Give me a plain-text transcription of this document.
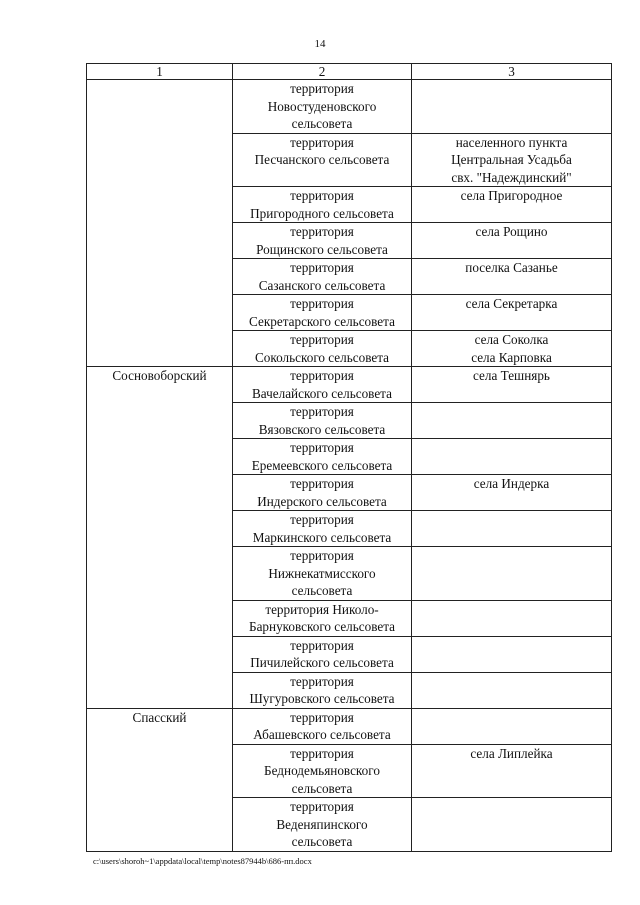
14
1	2	3

	территория
Новостуденовского
сельсовета	

	территория
Песчанского сельсовета	населенного пункта
Центральная Усадьба
свх. "Надеждинский"

	территория
Пригородного сельсовета	села Пригородное

	территория
Рощинского сельсовета	села Рощино

	территория
Сазанского сельсовета	поселка Сазанье

	территория
Секретарского сельсовета	села Секретарка

	территория
Сокольского сельсовета	села Соколка
села Карповка

Сосновоборский	территория
Вачелайского сельсовета	села Тешнярь

	территория
Вязовского сельсовета	

	территория
Еремеевского сельсовета	

	территория
Индерского сельсовета	села Индерка

	территория
Маркинского сельсовета	

	территория
Нижнекатмисского
сельсовета	

	территория Николо-
Барнуковского сельсовета	

	территория
Пичилейского сельсовета	

	территория
Шугуровского сельсовета	

Спасский	территория
Абашевского сельсовета	

	территория
Беднодемьяновского
сельсовета	села Липлейка

	территория
Веденяпинского
сельсовета	

c:\users\shoroh~1\appdata\local\temp\notes87944b\686-пп.docx
